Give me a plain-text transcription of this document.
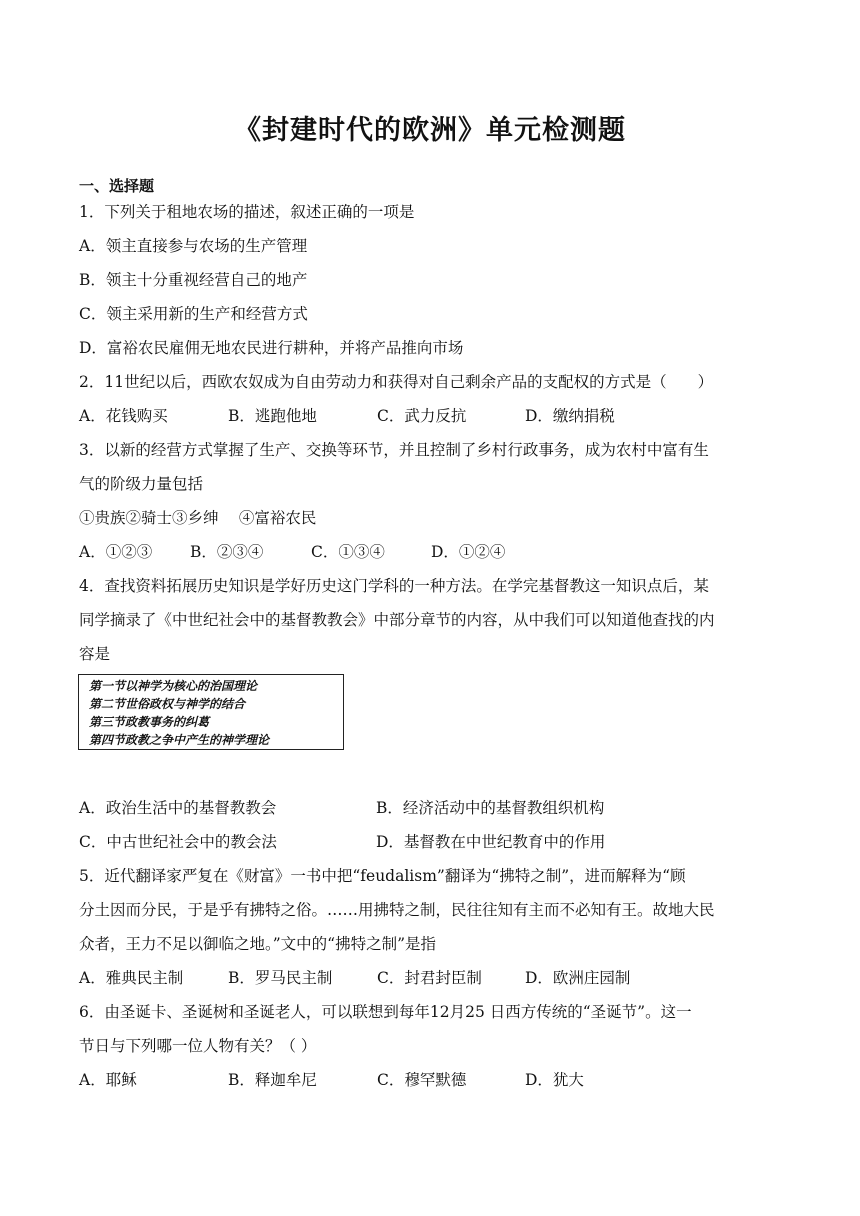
《封建时代的欧洲》单元检测题
一、选择题
1．下列关于租地农场的描述，叙述正确的一项是
A．领主直接参与农场的生产管理
B．领主十分重视经营自己的地产
C．领主采用新的生产和经营方式
D．富裕农民雇佣无地农民进行耕种，并将产品推向市场
2．11世纪以后，西欧农奴成为自由劳动力和获得对自己剩余产品的支配权的方式是（　　）
A．花钱购买	B．逃跑他地	C．武力反抗	D．缴纳捐税
3．以新的经营方式掌握了生产、交换等环节，并且控制了乡村行政事务，成为农村中富有生
气的阶级力量包括
①贵族②骑士③乡绅　 ④富裕农民
A．①②③ B．②③④	C．①③④	D．①②④
4．查找资料拓展历史知识是学好历史这门学科的一种方法。在学完基督教这一知识点后，某
同学摘录了《中世纪社会中的基督教教会》中部分章节的内容，从中我们可以知道他查找的内
容是
第一节以神学为核心的治国理论
第二节世俗政权与神学的结合
第三节政教事务的纠葛
第四节政教之争中产生的神学理论
A．政治生活中的基督教教会	B．经济活动中的基督教组织机构
C．中古世纪社会中的教会法	D．基督教在中世纪教育中的作用
5．近代翻译家严复在《财富》一书中把“feudalism”翻译为“拂特之制”，进而解释为“顾
分土因而分民，于是乎有拂特之俗。……用拂特之制，民往往知有主而不必知有王。故地大民
众者，王力不足以御临之地。”文中的“拂特之制”是指
A．雅典民主制	B．罗马民主制	C．封君封臣制	D．欧洲庄园制
6．由圣诞卡、圣诞树和圣诞老人，可以联想到每年12月25 日西方传统的“圣诞节”。这一
节日与下列哪一位人物有关？（ ）
A．耶稣	B．释迦牟尼	C．穆罕默德	D．犹大
